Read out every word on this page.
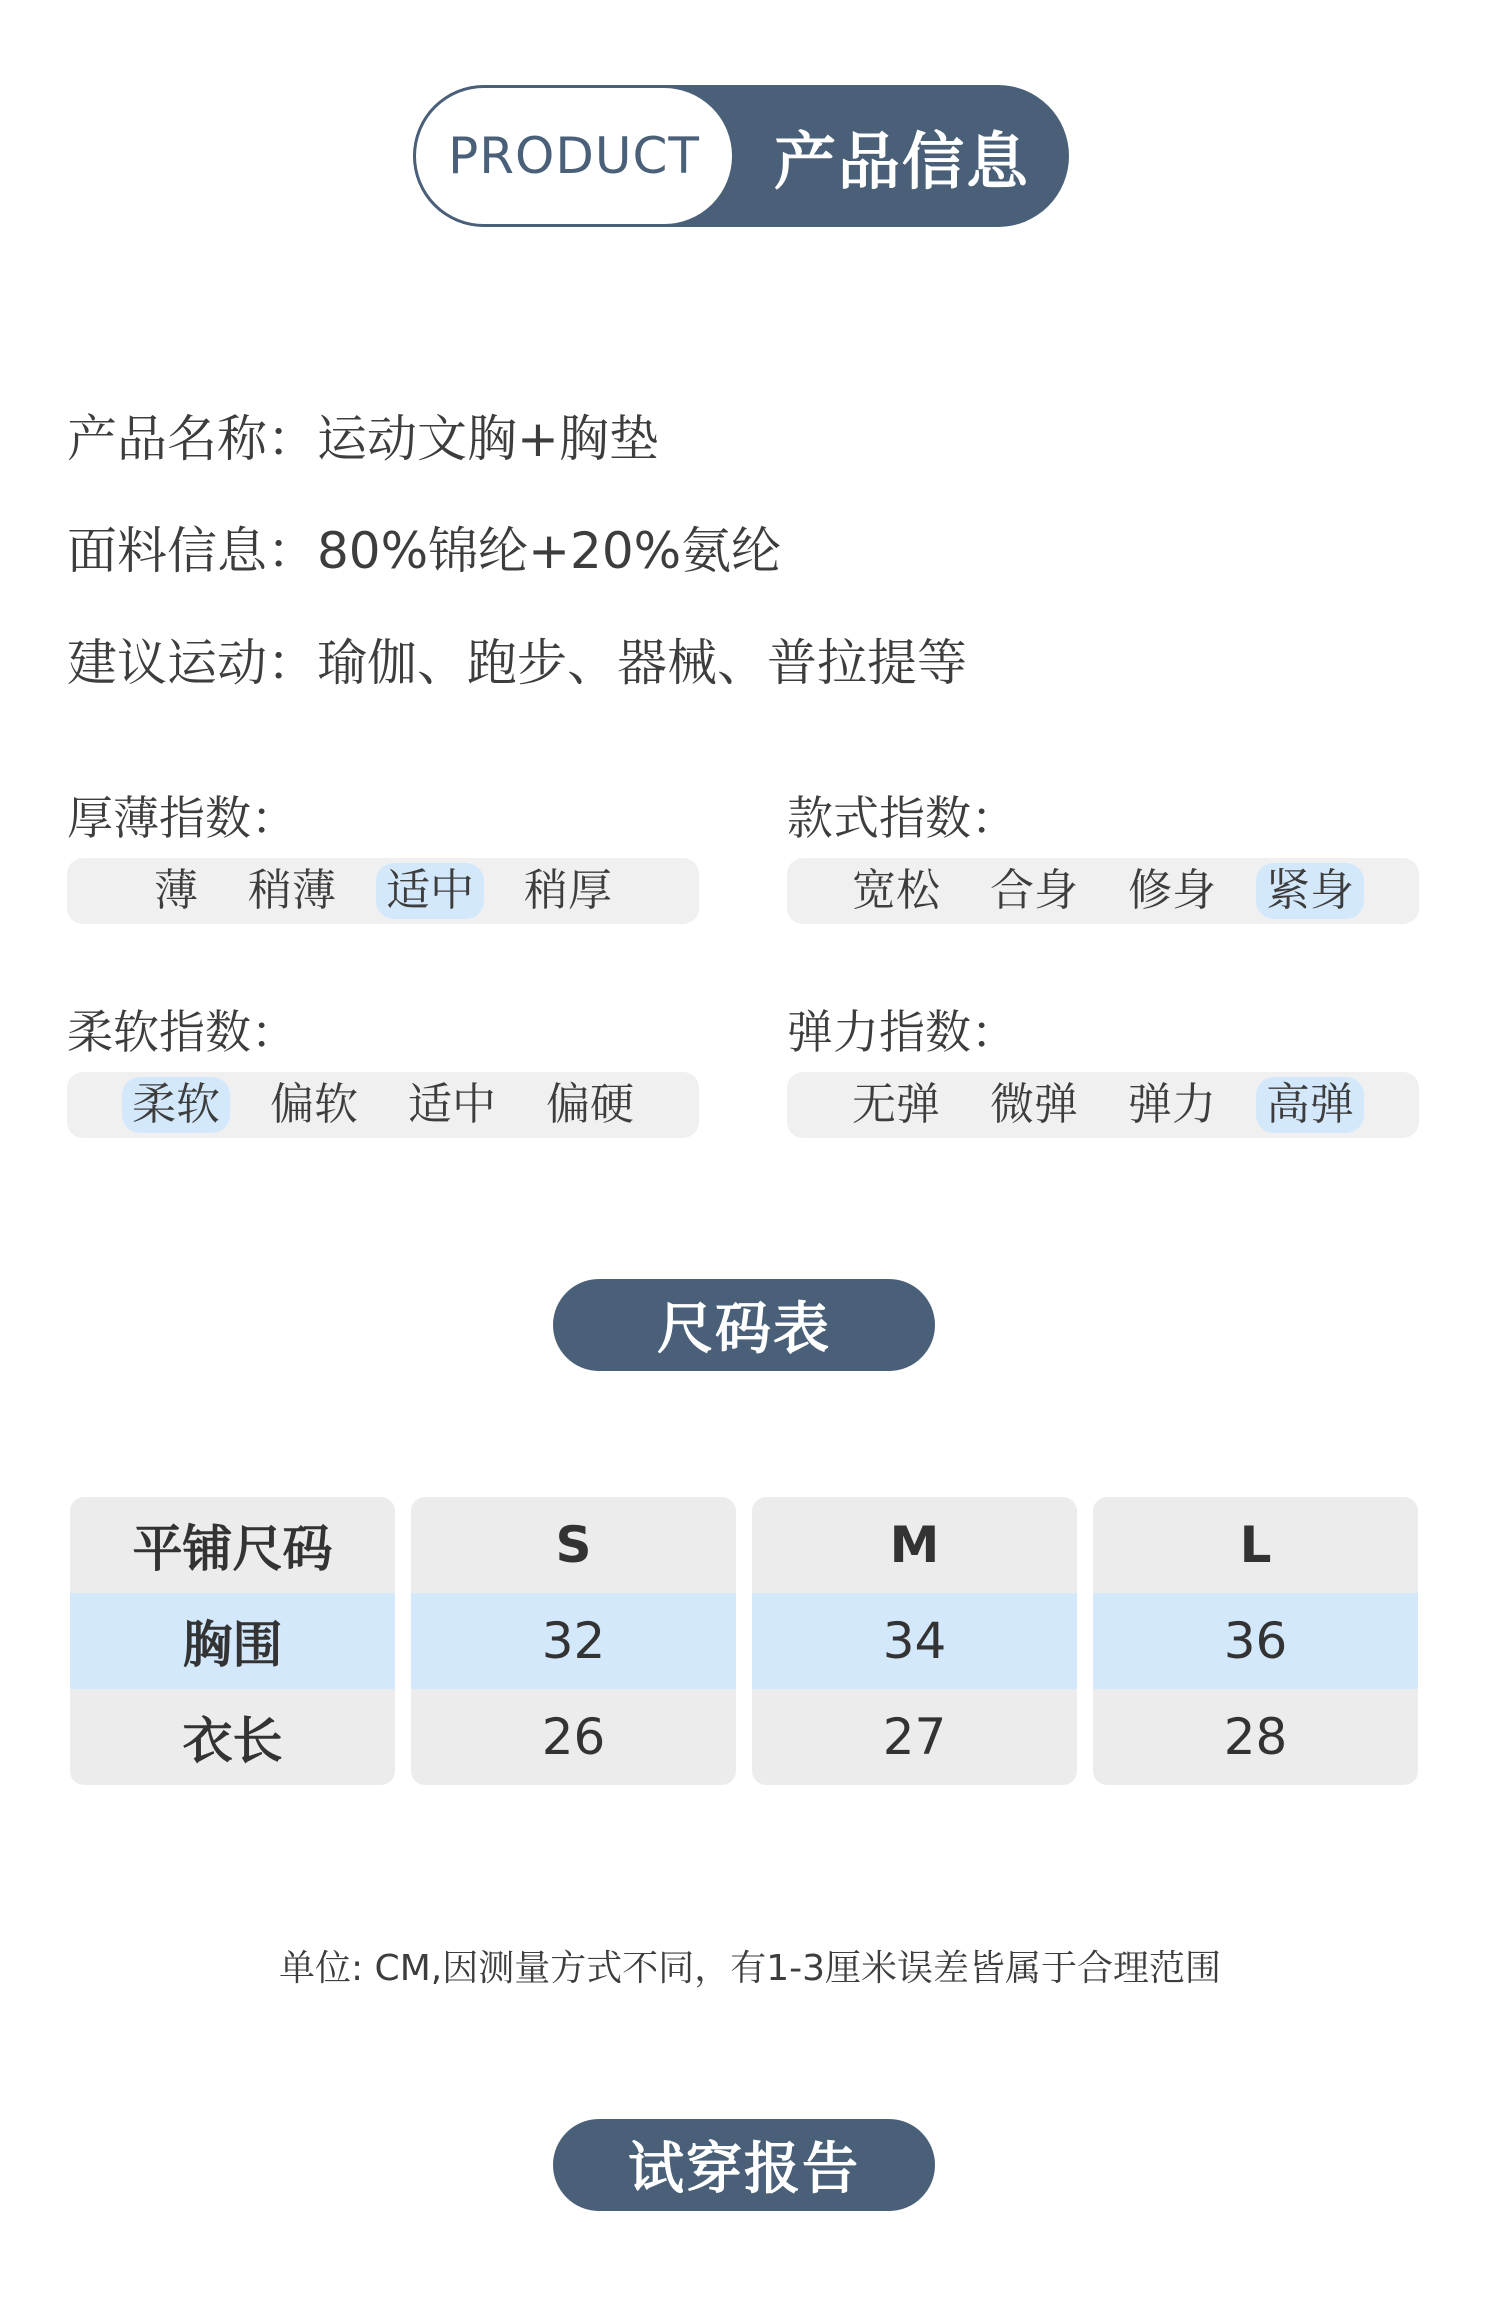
PRODUCT	产品信息
产品名称：运动文胸+胸垫
面料信息：80%锦纶+20%氨纶
建议运动：瑜伽、跑步、器械、普拉提等
厚薄指数：
薄 稍薄 适中 稍厚
款式指数：
宽松 合身 修身 紧身
柔软指数：
柔软 偏软 适中 偏硬
弹力指数：
无弹 微弹 弹力 高弹
尺码表
平铺尺码
胸围
衣长
S
32
26
M
34
27
L
36
28
单位: CM,因测量方式不同，有1-3厘米误差皆属于合理范围
试穿报告
